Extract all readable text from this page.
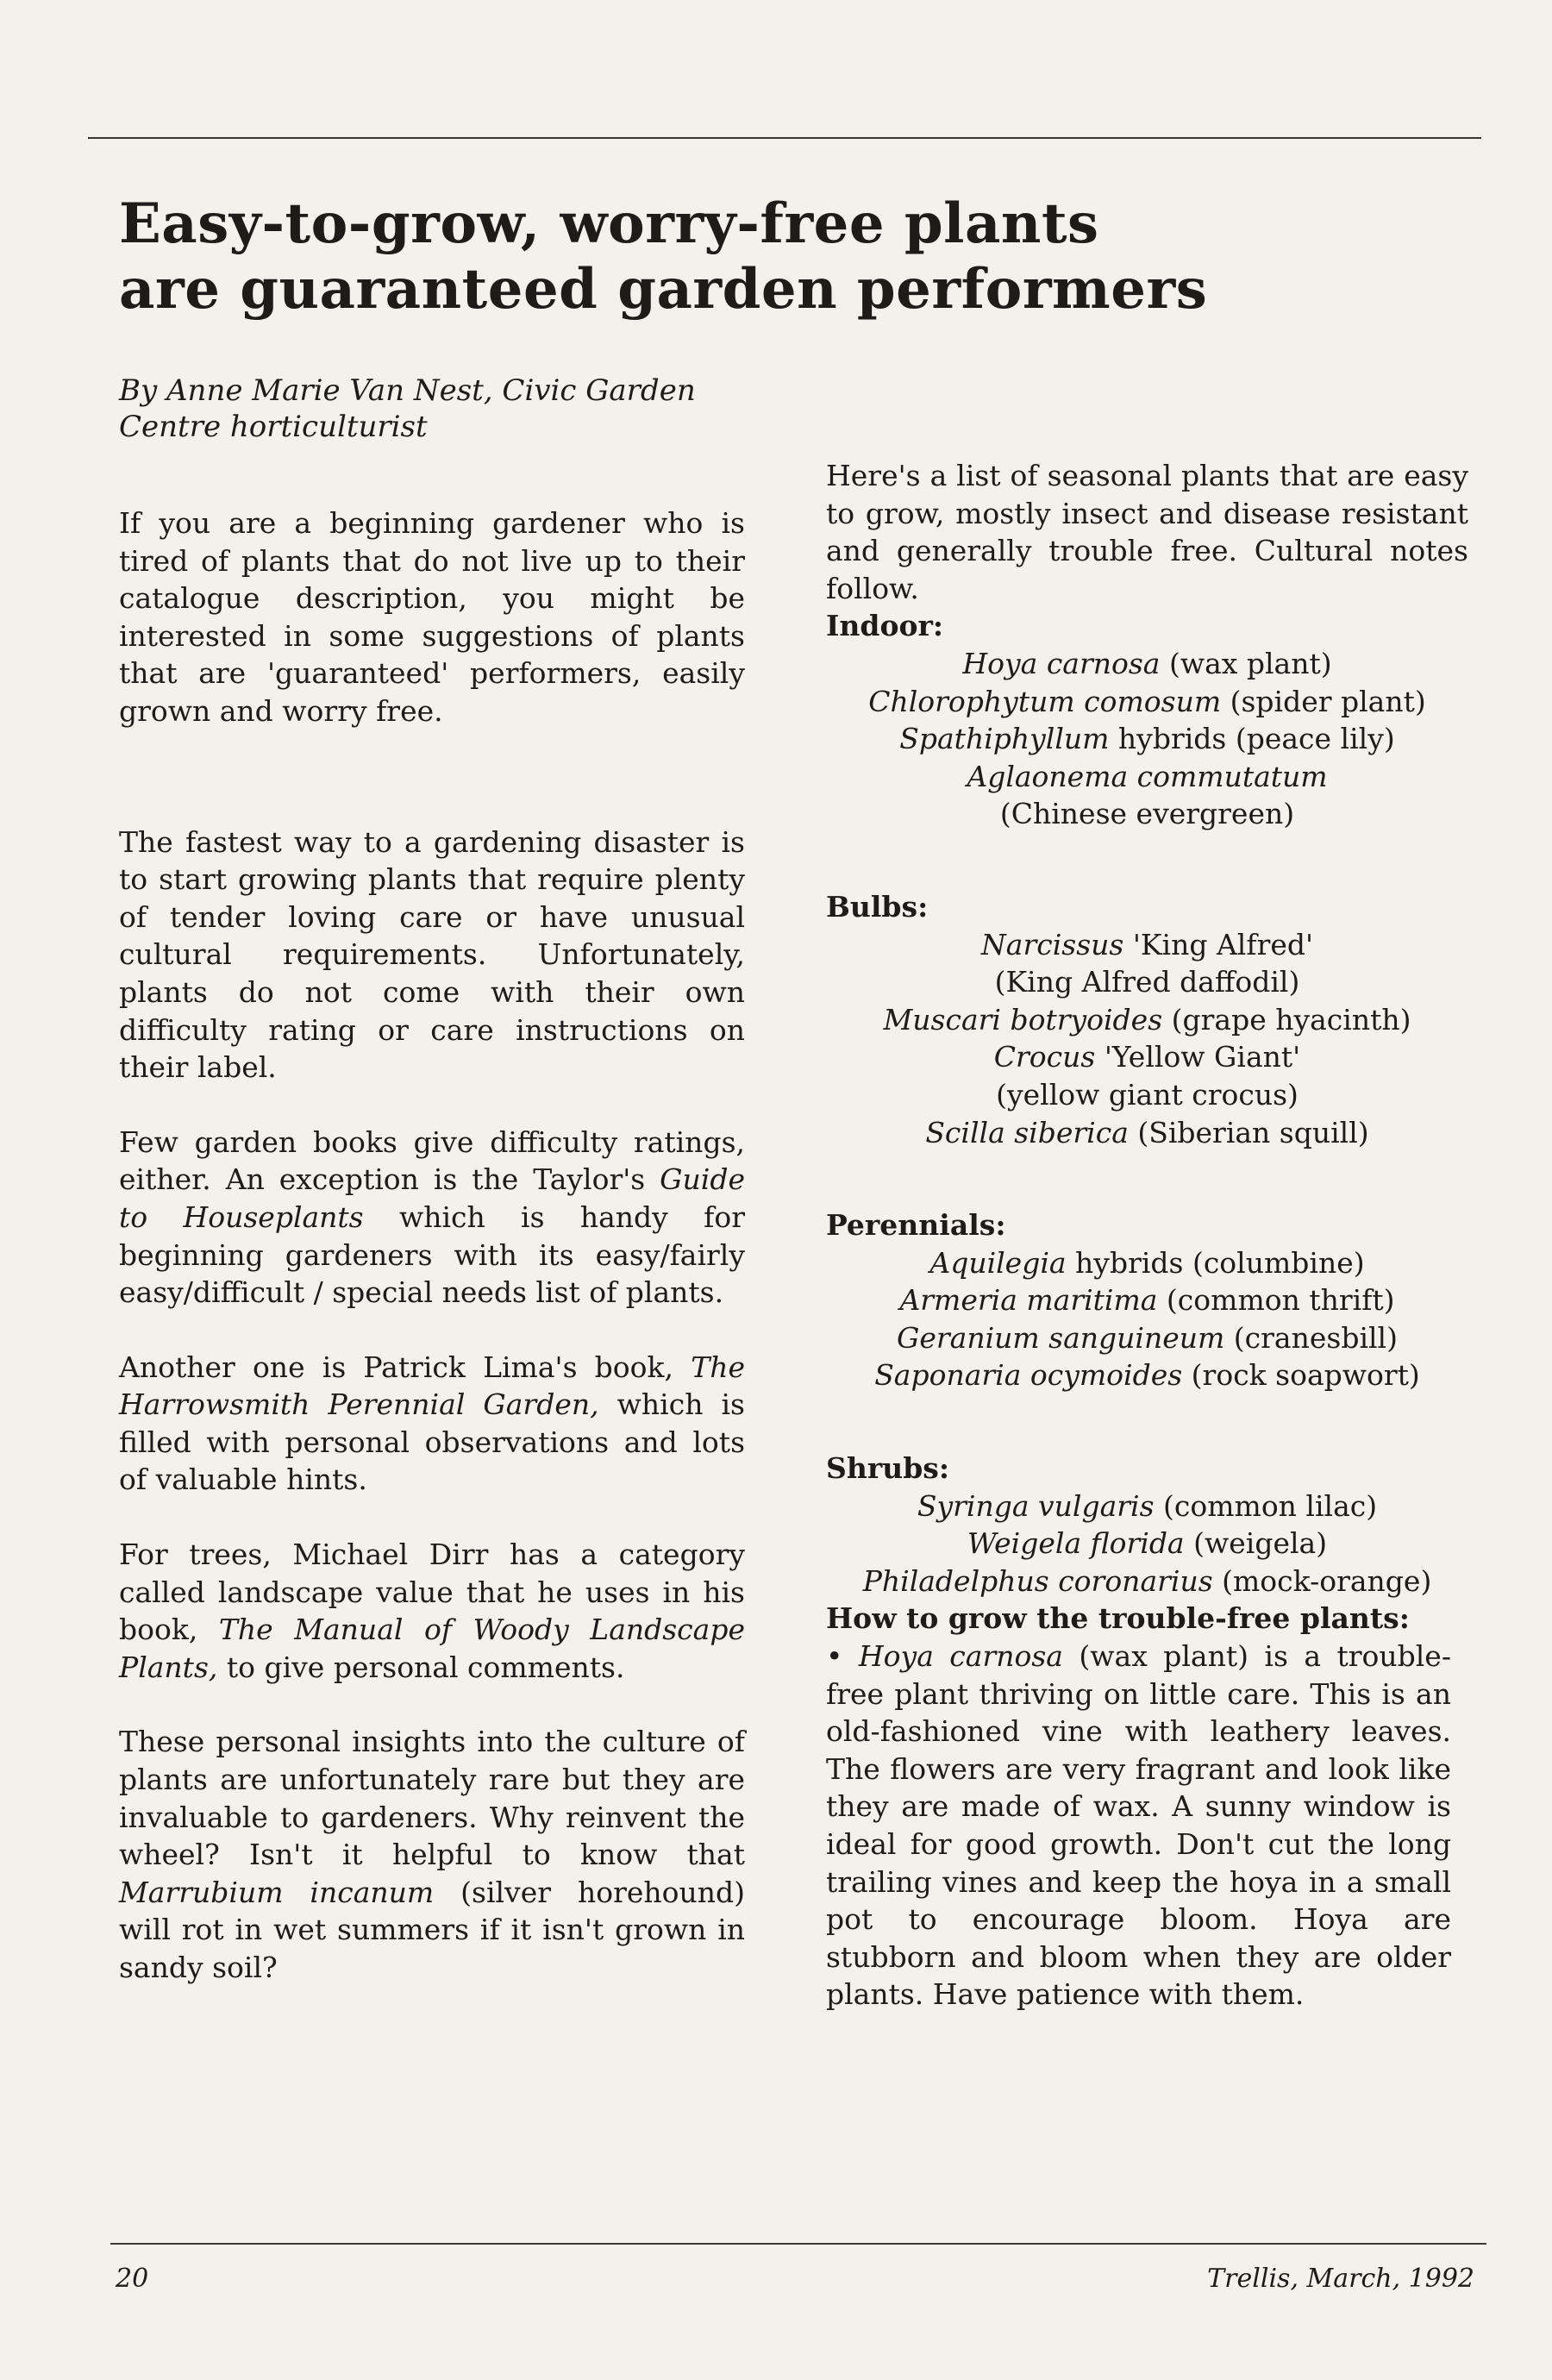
Easy-to-grow, worry-free plants
are guaranteed garden performers
By Anne Marie Van Nest, Civic Garden
Centre horticulturist

If you are a beginning gardener who is tired of plants that do not live up to their catalogue description, you might be interested in some suggestions of plants that are 'guaranteed' performers, easily grown and worry free.

The fastest way to a gardening disaster is to start growing plants that require plenty of tender loving care or have unusual cultural requirements. Unfortunately, plants do not come with their own difficulty rating or care instructions on their label.

Few garden books give difficulty ratings, either. An exception is the Taylor's Guide to Houseplants which is handy for beginning gardeners with its easy/fairly easy/difficult / special needs list of plants.

Another one is Patrick Lima's book, The Harrowsmith Perennial Garden, which is filled with personal observations and lots of valuable hints.

For trees, Michael Dirr has a category called landscape value that he uses in his book, The Manual of Woody Landscape Plants, to give personal comments.

These personal insights into the culture of plants are unfortunately rare but they are invaluable to gardeners. Why reinvent the wheel? Isn't it helpful to know that Marrubium incanum (silver horehound) will rot in wet summers if it isn't grown in sandy soil?

Here's a list of seasonal plants that are easy to grow, mostly insect and disease resistant and generally trouble free. Cultural notes follow.

Indoor:

Hoya carnosa (wax plant)
Chlorophytum comosum (spider plant)
Spathiphyllum hybrids (peace lily)
Aglaonema commutatum
(Chinese evergreen)

Bulbs:

Narcissus 'King Alfred'
(King Alfred daffodil)
Muscari botryoides (grape hyacinth)
Crocus 'Yellow Giant'
(yellow giant crocus)
Scilla siberica (Siberian squill)

Perennials:

Aquilegia hybrids (columbine)
Armeria maritima (common thrift)
Geranium sanguineum (cranesbill)
Saponaria ocymoides (rock soapwort)

Shrubs:

Syringa vulgaris (common lilac)
Weigela florida (weigela)
Philadelphus coronarius (mock-orange)

How to grow the trouble-free plants:

• Hoya carnosa (wax plant) is a trouble-free plant thriving on little care. This is an old-fashioned vine with leathery leaves. The flowers are very fragrant and look like they are made of wax. A sunny window is ideal for good growth. Don't cut the long trailing vines and keep the hoya in a small pot to encourage bloom. Hoya are stubborn and bloom when they are older plants. Have patience with them.

20	Trellis, March, 1992
